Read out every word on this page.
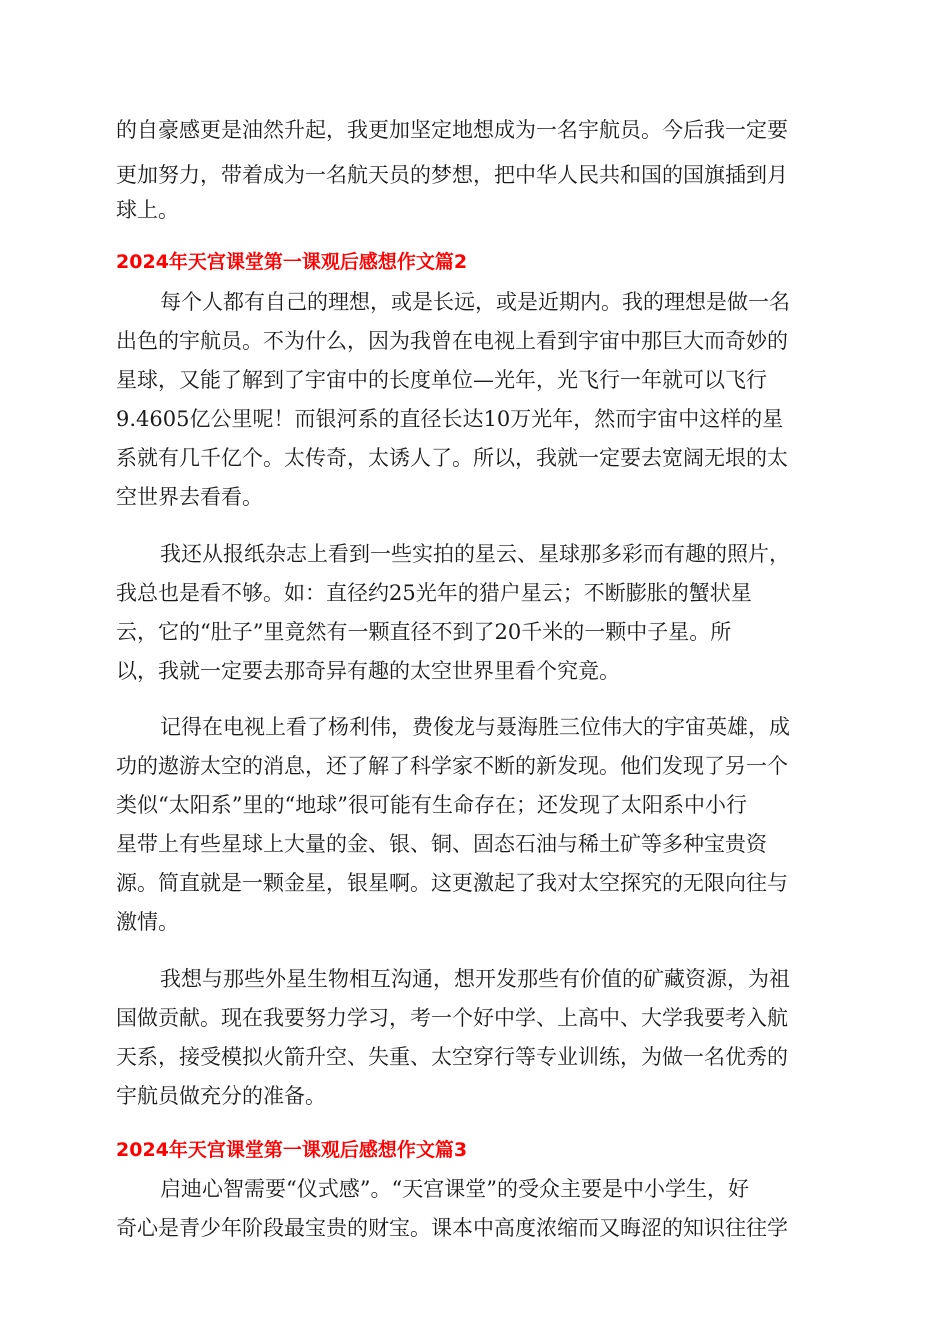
的自豪感更是油然升起，我更加坚定地想成为一名宇航员。今后我一定要
更加努力，带着成为一名航天员的梦想，把中华人民共和国的国旗插到月
球上。
2024年天宫课堂第一课观后感想作文篇2
每个人都有自己的理想，或是长远，或是近期内。我的理想是做一名
出色的宇航员。不为什么，因为我曾在电视上看到宇宙中那巨大而奇妙的
星球，又能了解到了宇宙中的长度单位—光年，光飞行一年就可以飞行
9.4605亿公里呢！而银河系的直径长达10万光年，然而宇宙中这样的星
系就有几千亿个。太传奇，太诱人了。所以，我就一定要去宽阔无垠的太
空世界去看看。
我还从报纸杂志上看到一些实拍的星云、星球那多彩而有趣的照片，
我总也是看不够。如：直径约25光年的猎户星云；不断膨胀的蟹状星
云，它的“肚子”里竟然有一颗直径不到了20千米的一颗中子星。所
以，我就一定要去那奇异有趣的太空世界里看个究竟。
记得在电视上看了杨利伟，费俊龙与聂海胜三位伟大的宇宙英雄，成
功的遨游太空的消息，还了解了科学家不断的新发现。他们发现了另一个
类似“太阳系”里的“地球”很可能有生命存在；还发现了太阳系中小行
星带上有些星球上大量的金、银、铜、固态石油与稀土矿等多种宝贵资
源。简直就是一颗金星，银星啊。这更激起了我对太空探究的无限向往与
激情。
我想与那些外星生物相互沟通，想开发那些有价值的矿藏资源，为祖
国做贡献。现在我要努力学习，考一个好中学、上高中、大学我要考入航
天系，接受模拟火箭升空、失重、太空穿行等专业训练，为做一名优秀的
宇航员做充分的准备。
2024年天宫课堂第一课观后感想作文篇3
启迪心智需要“仪式感”。“天宫课堂”的受众主要是中小学生，好
奇心是青少年阶段最宝贵的财宝。课本中高度浓缩而又晦涩的知识往往学
